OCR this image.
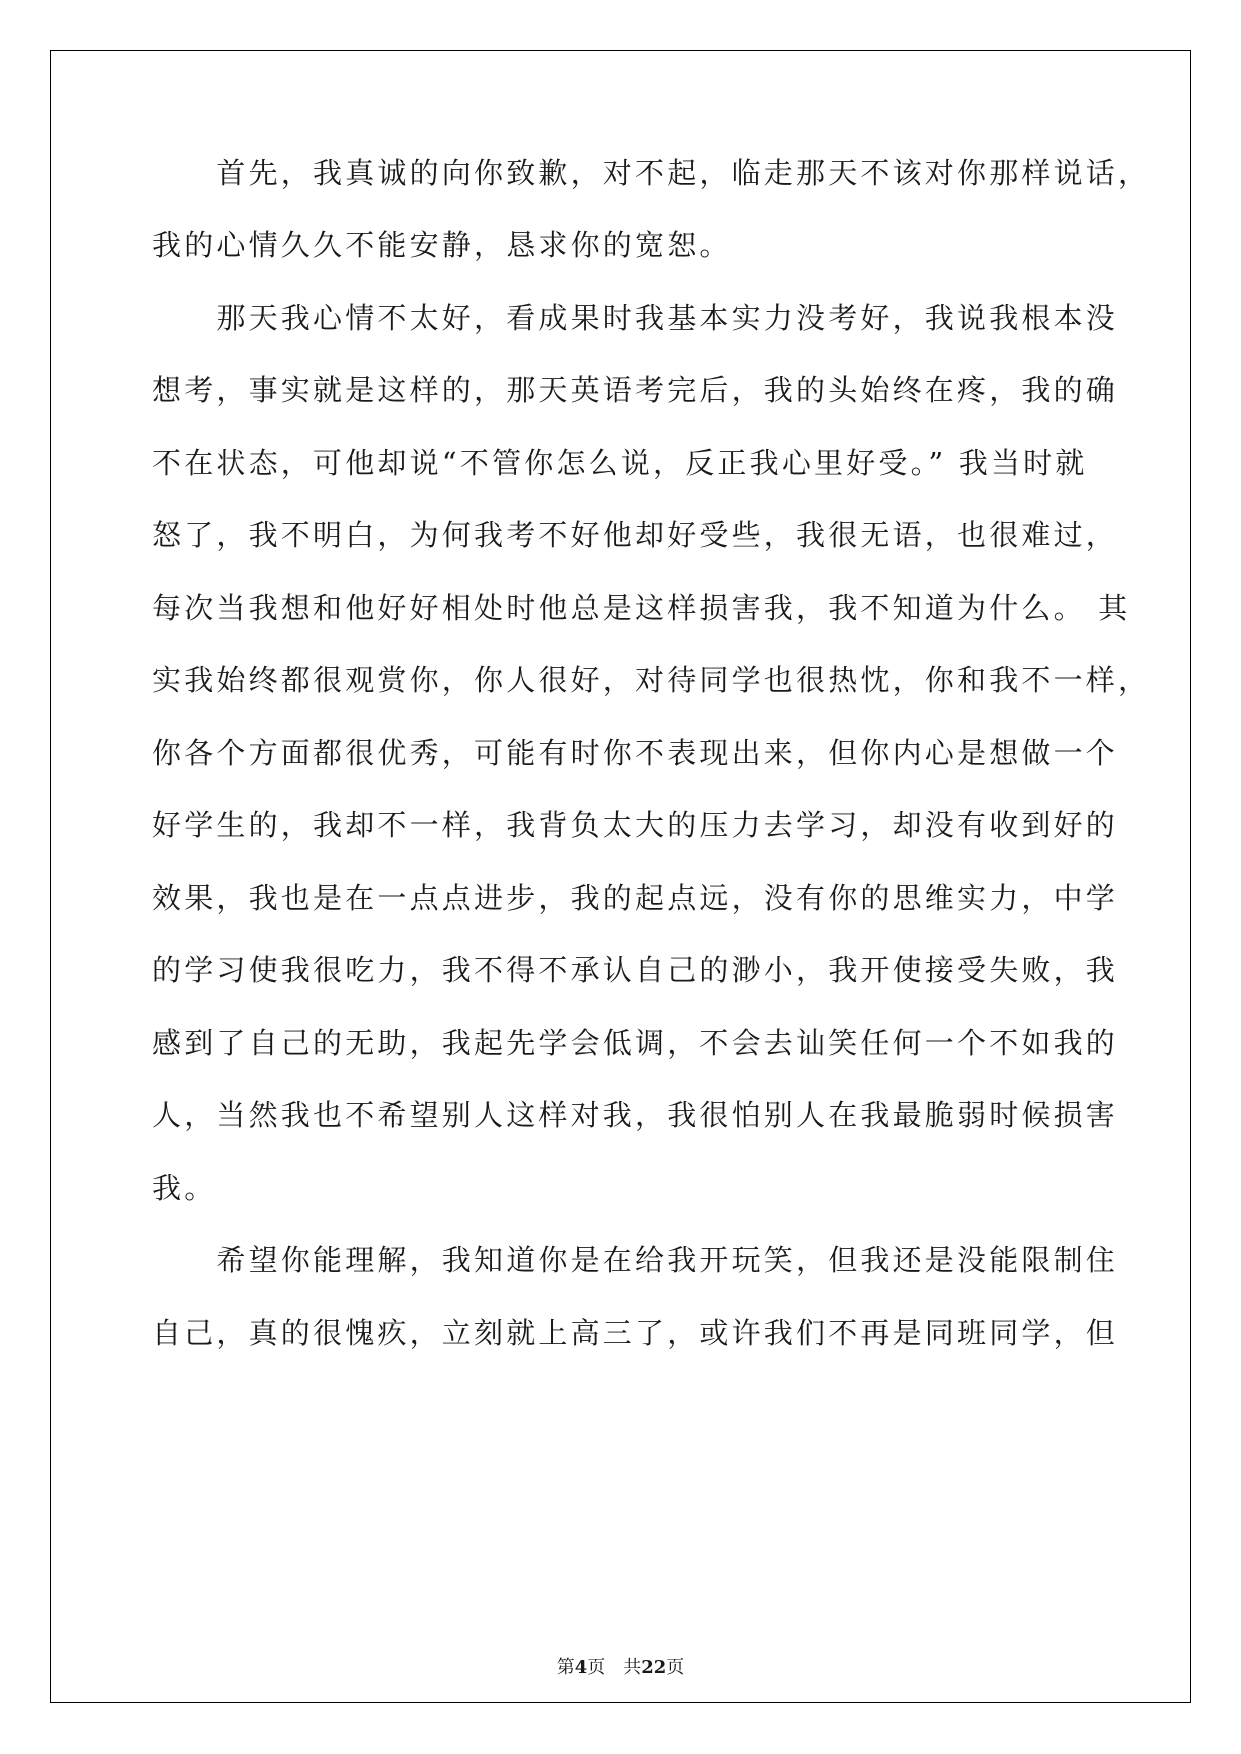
　　首先，我真诚的向你致歉，对不起，临走那天不该对你那样说话，
我的心情久久不能安静，恳求你的宽恕。
　　那天我心情不太好，看成果时我基本实力没考好，我说我根本没
想考，事实就是这样的，那天英语考完后，我的头始终在疼，我的确
不在状态，可他却说“不管你怎么说，反正我心里好受。” 我当时就
怒了，我不明白，为何我考不好他却好受些，我很无语，也很难过，
每次当我想和他好好相处时他总是这样损害我，我不知道为什么。 其
实我始终都很观赏你，你人很好，对待同学也很热忱，你和我不一样，
你各个方面都很优秀，可能有时你不表现出来，但你内心是想做一个
好学生的，我却不一样，我背负太大的压力去学习，却没有收到好的
效果，我也是在一点点进步，我的起点远，没有你的思维实力，中学
的学习使我很吃力，我不得不承认自己的渺小，我开使接受失败，我
感到了自己的无助，我起先学会低调，不会去讪笑任何一个不如我的
人，当然我也不希望别人这样对我，我很怕别人在我最脆弱时候损害
我。
　　希望你能理解，我知道你是在给我开玩笑，但我还是没能限制住
自己，真的很愧疚，立刻就上高三了，或许我们不再是同班同学，但
第4页 共22页
